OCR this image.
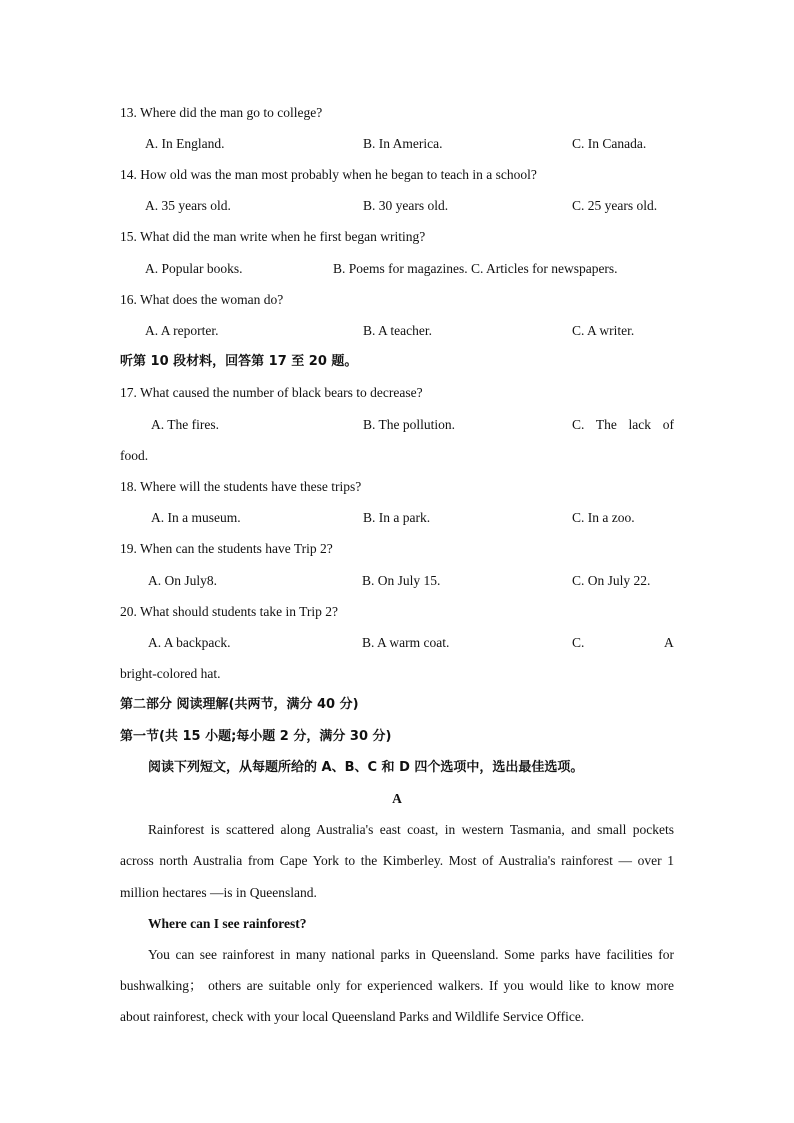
13. Where did the man go to college?
A. In England.	B. In America.	C. In Canada.
14. How old was the man most probably when he began to teach in a school?
A. 35 years old.	B. 30 years old.	C. 25 years old.
15. What did the man write when he first began writing?
A. Popular books.	B. Poems for magazines. C. Articles for newspapers.
16. What does the woman do?
A. A reporter.	B. A teacher.	C. A writer.
听第 10 段材料，回答第 17 至 20 题。
17. What caused the number of black bears to decrease?
A. The fires.	B. The pollution.	C. The lack of
food.
18. Where will the students have these trips?
A. In a museum.	B. In a park.	C. In a zoo.
19. When can the students have Trip 2?
A. On July8.	B. On July 15.	C. On July 22.
20. What should students take in Trip 2?
A. A backpack.	B. A warm coat.	C.	A
bright-colored hat.
第二部分 阅读理解(共两节，满分 40 分)
第一节(共 15 小题;每小题 2 分，满分 30 分)
阅读下列短文，从每题所给的 A、B、C 和 D 四个选项中，选出最佳选项。
A
Rainforest is scattered along Australia's east coast, in western Tasmania, and small pockets
across north Australia from Cape York to the Kimberley. Most of Australia's rainforest — over 1
million hectares —is in Queensland.
Where can I see rainforest?
You can see rainforest in many national parks in Queensland. Some parks have facilities for
bushwalking； others are suitable only for experienced walkers. If you would like to know more
about rainforest, check with your local Queensland Parks and Wildlife Service Office.
